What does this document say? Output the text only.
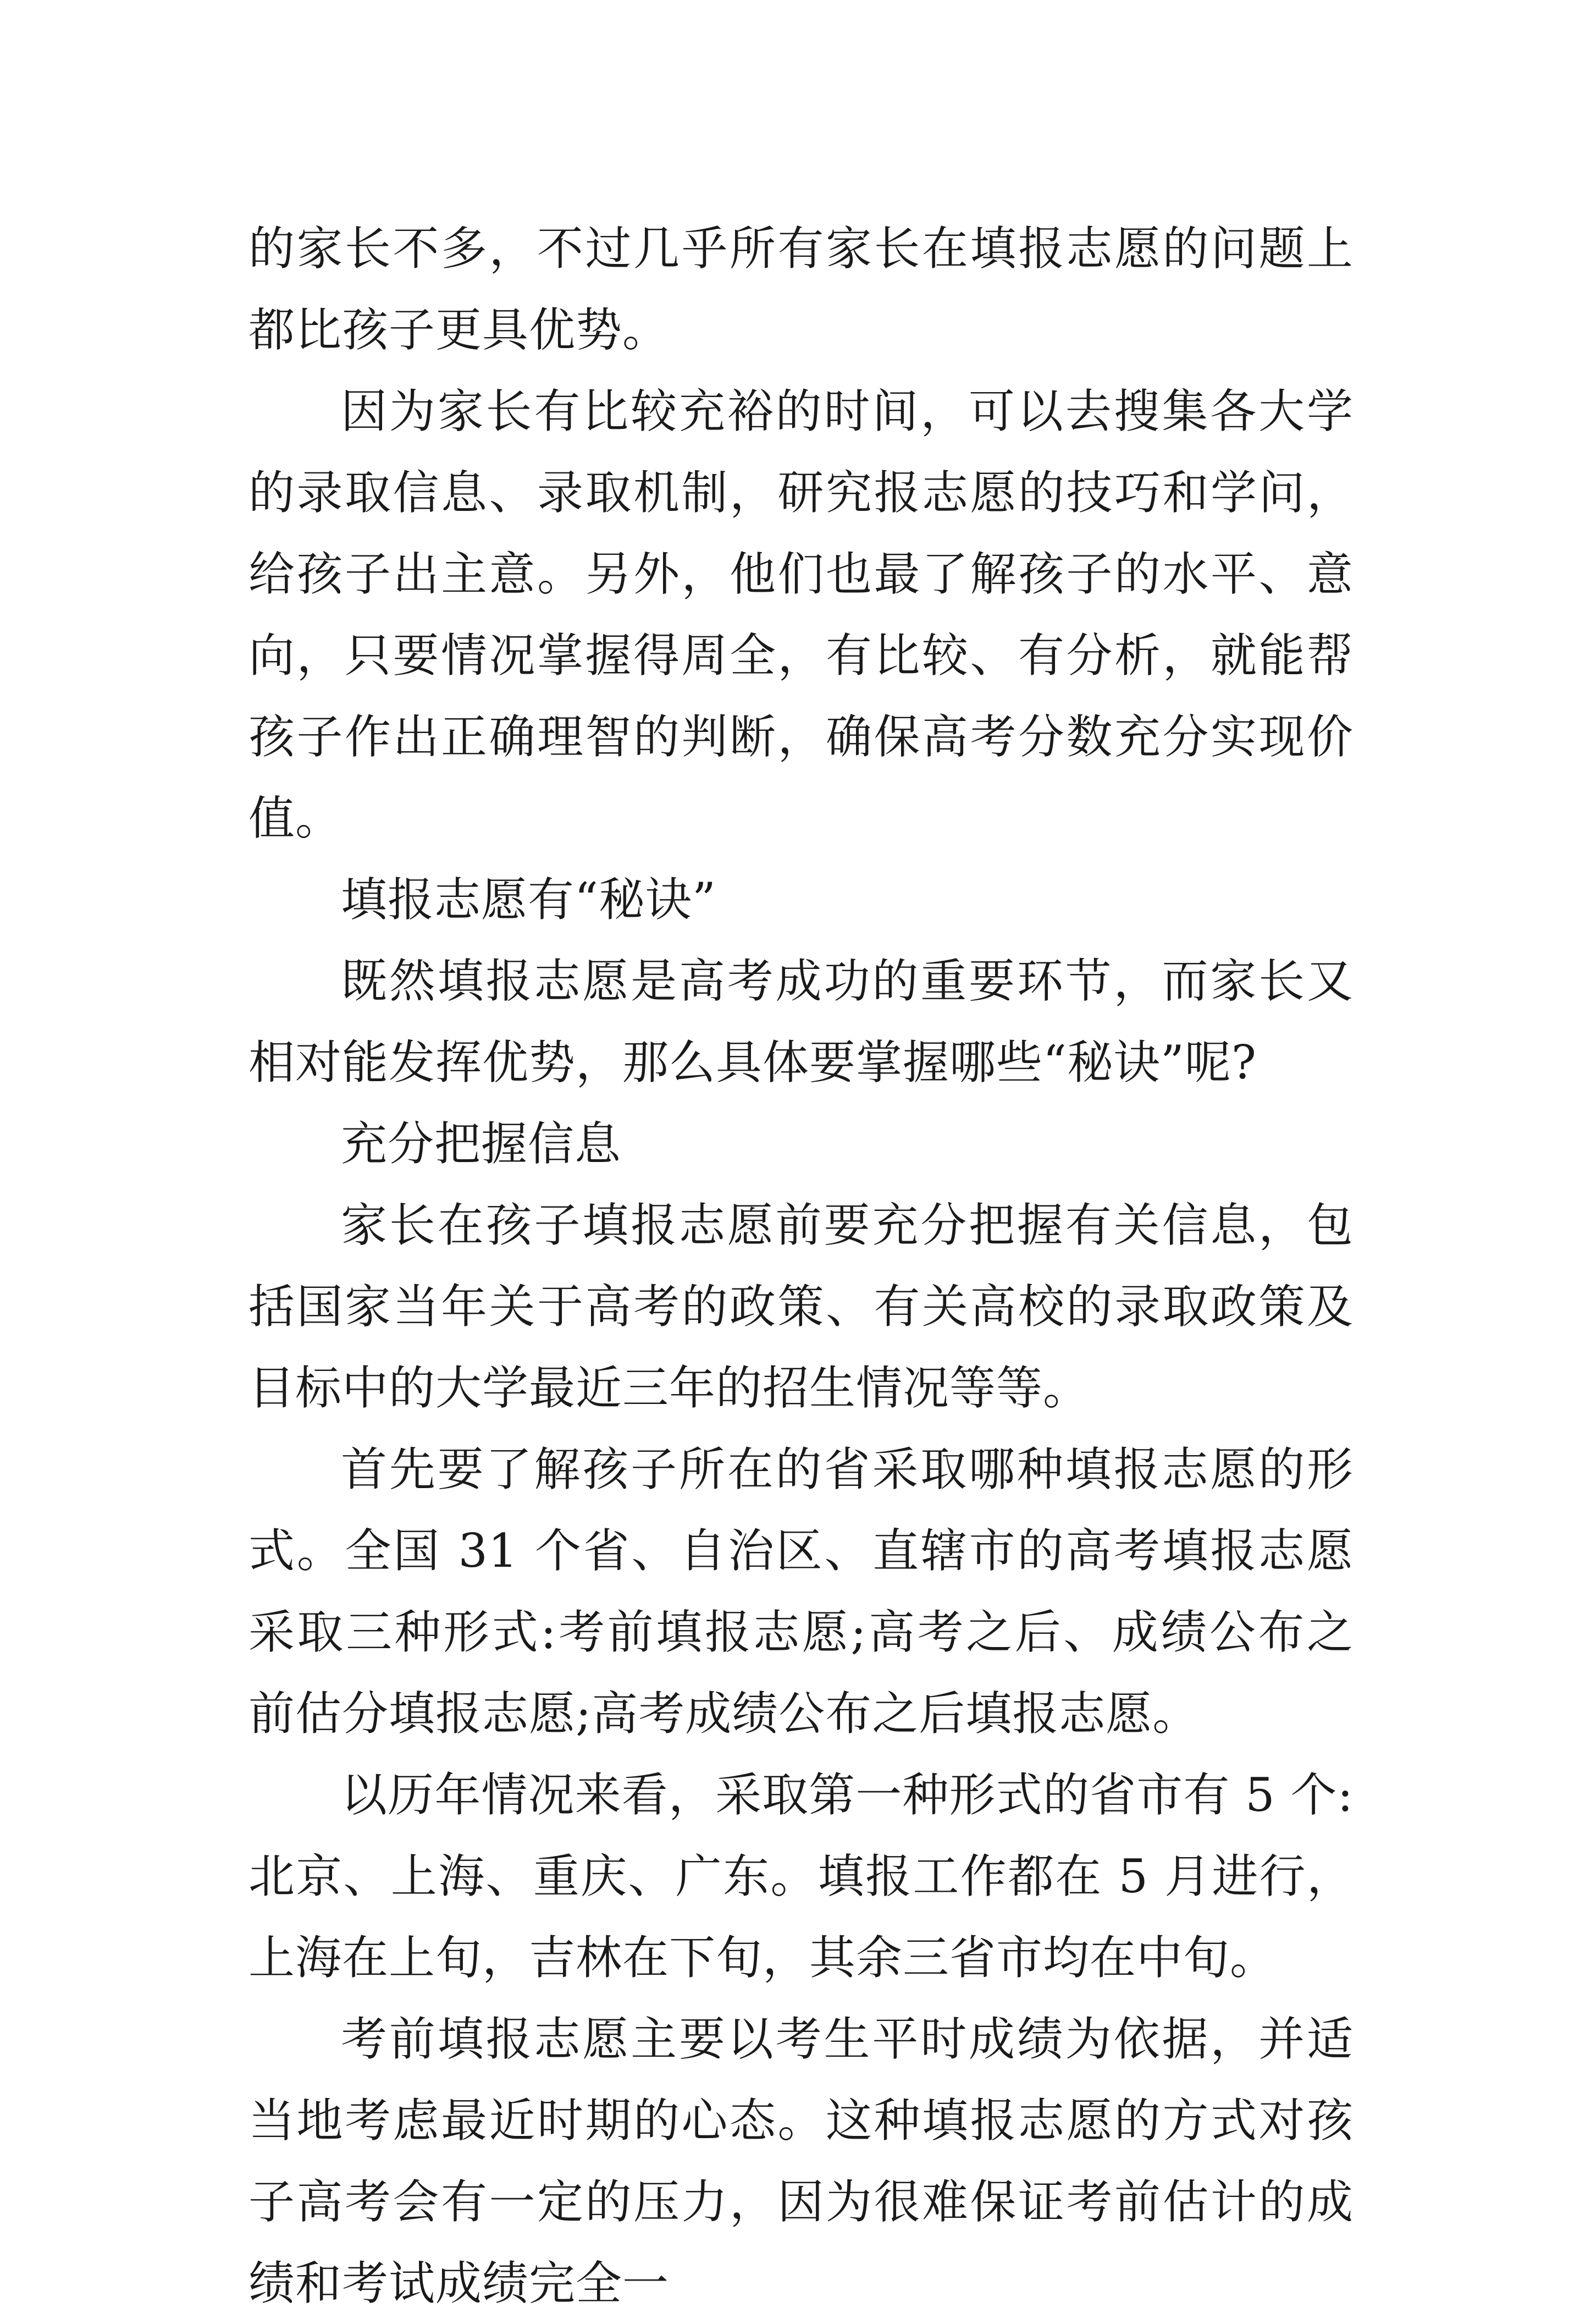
的家长不多，不过几乎所有家长在填报志愿的问题上都比孩子更具优势。

因为家长有比较充裕的时间，可以去搜集各大学的录取信息、录取机制，研究报志愿的技巧和学问，给孩子出主意。另外，他们也最了解孩子的水平、意向，只要情况掌握得周全，有比较、有分析，就能帮孩子作出正确理智的判断，确保高考分数充分实现价值。

填报志愿有“秘诀”

既然填报志愿是高考成功的重要环节，而家长又相对能发挥优势，那么具体要掌握哪些“秘诀”呢?

充分把握信息

家长在孩子填报志愿前要充分把握有关信息，包括国家当年关于高考的政策、有关高校的录取政策及目标中的大学最近三年的招生情况等等。

首先要了解孩子所在的省采取哪种填报志愿的形式。全国 31 个省、自治区、直辖市的高考填报志愿采取三种形式:考前填报志愿;高考之后、成绩公布之前估分填报志愿;高考成绩公布之后填报志愿。

以历年情况来看，采取第一种形式的省市有 5 个:北京、上海、重庆、广东。填报工作都在 5 月进行，上海在上旬，吉林在下旬，其余三省市均在中旬。

考前填报志愿主要以考生平时成绩为依据，并适当地考虑最近时期的心态。这种填报志愿的方式对孩子高考会有一定的压力，因为很难保证考前估计的成绩和考试成绩完全一
